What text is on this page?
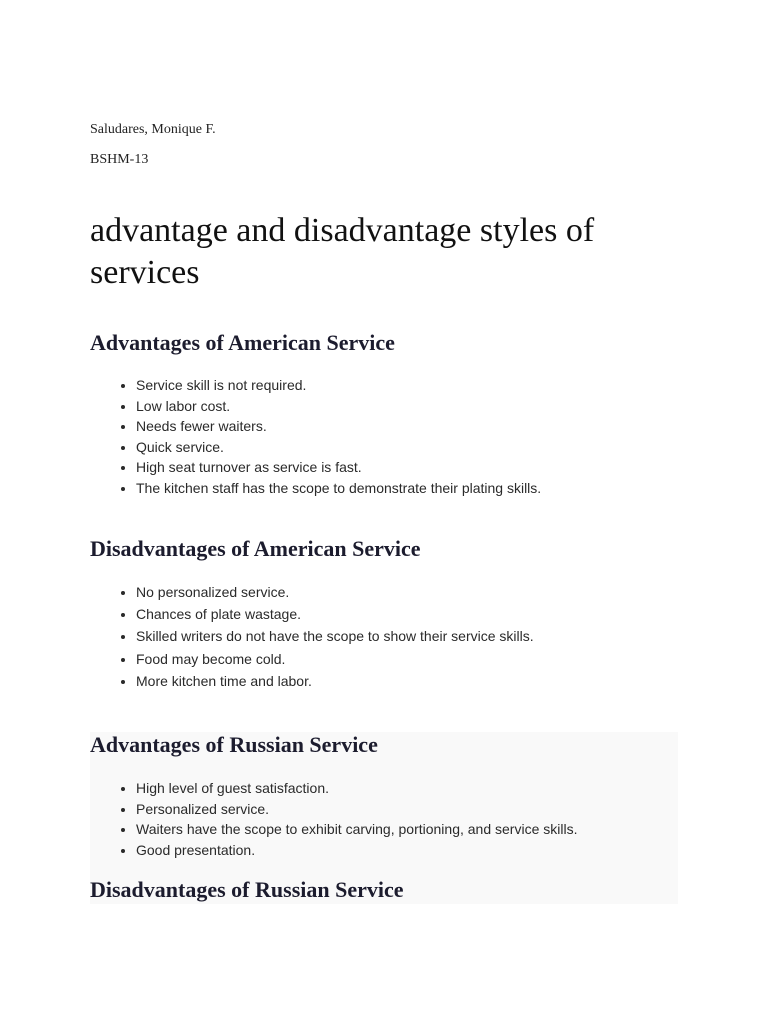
Saludares, Monique F.
BSHM-13
advantage and disadvantage styles of services
Advantages of American Service
• Service skill is not required.
• Low labor cost.
• Needs fewer waiters.
• Quick service.
• High seat turnover as service is fast.
• The kitchen staff has the scope to demonstrate their plating skills.
Disadvantages of American Service
• No personalized service.
• Chances of plate wastage.
• Skilled writers do not have the scope to show their service skills.
• Food may become cold.
• More kitchen time and labor.
Advantages of Russian Service
• High level of guest satisfaction.
• Personalized service.
• Waiters have the scope to exhibit carving, portioning, and service skills.
• Good presentation.
Disadvantages of Russian Service
